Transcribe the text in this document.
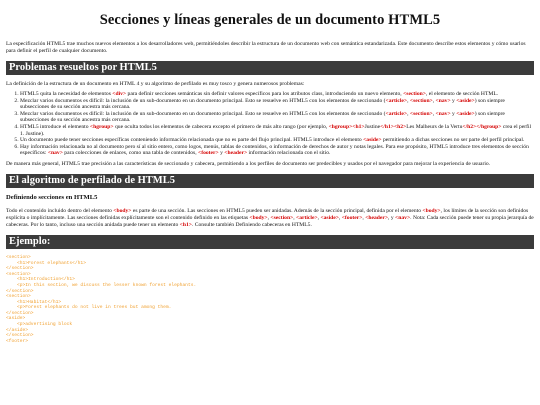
Secciones y líneas generales de un documento HTML5

La especificación HTML5 trae muchos nuevos elementos a los desarrolladores web, permitiéndoles describir la estructura de un documento web con semántica estandarizada. Este documento describe estos elementos y cómo usarlos para definir el perfil de cualquier documento.

Problemas resueltos por HTML5

La definición de la estructura de un documento en HTML 4 y su algoritmo de perfilado es muy tosco y genera numerosos problemas:

1. HTML5 quita la necesidad de elementos <div> para definir secciones semánticas sin definir valores específicos para los atributos class, introduciendo un nuevo elemento, <section>, el elemento de sección HTML.
2. Mezclar varios documentos es difícil: la inclusión de un sub-documento en un documento principal. Esto se resuelve en HTML5 con los elementos de seccionado (<article>, <section>, <nav> y <aside>) son siempre subsecciones de su sección ancestra más cercana.
3. Mezclar varios documentos es difícil: la inclusión de un sub-documento en un documento principal. Esto se resuelve en HTML5 con los elementos de seccionado (<article>, <section>, <nav> y <aside>) son siempre subsecciones de su sección ancestra más cercana.
4. HTML5 introduce el elemento <hgroup> que oculta todos los elementos de cabecera excepto el primero de más alto rango (por ejemplo, <hgroup><h1>Justine</h1><h2>Les Malheurs de la Vertu</h2></hgroup> crea el perfil 1. Justine).
5. Un documento puede tener secciones específicas conteniendo información relacionada que no es parte del flujo principal. HTML5 introduce el elemento <aside> permitiendo a dichas secciones no ser parte del perfil principal.
6. Hay información relacionada no al documento pero sí al sitio entero, como logos, menús, tablas de contenidos, o información de derechos de autor y notas legales. Para ese propósito, HTML5 introduce tres elementos de sección específicos: <nav> para colecciones de enlaces, como una tabla de contenidos, <footer> y <header> información relacionada con el sitio.

De manera más general, HTML5 trae precisión a las características de seccionado y cabecera, permitiendo a los perfiles de documento ser predecibles y usados por el navegador para mejorar la experiencia de usuario.

El algoritmo de perfilado de HTML5
Definiendo secciones en HTML5

Todo el contenido incluido dentro del elemento <body> es parte de una sección. Las secciones en HTML5 pueden ser anidadas. Además de la sección principal, definida por el elemento <body>, los límites de la sección son definidos explícita o implícitamente. Las secciones definidas explícitamente son el contenido definido en las etiquetas <body>, <section>, <article>, <aside>, <footer>, <header>, y <nav>. Nota: Cada sección puede tener su propia jerarquía de cabeceras. Por lo tanto, incluso una sección anidada puede tener un elemento <h1>. Consulte también Definiendo cabeceras en HTML5.

Ejemplo:
<section>
<h1>Forest elephants</h1>
</section>
<section>
<h1>Introduction</h1>
<p>In this section, we discuss the lesser known forest elephants.
</section>
<section>
<h1>Habitat</h1>
<p>Forest elephants do not live in trees but among them.
</section>
<aside>
<p>advertising block
</aside>
</section>
<footer>
